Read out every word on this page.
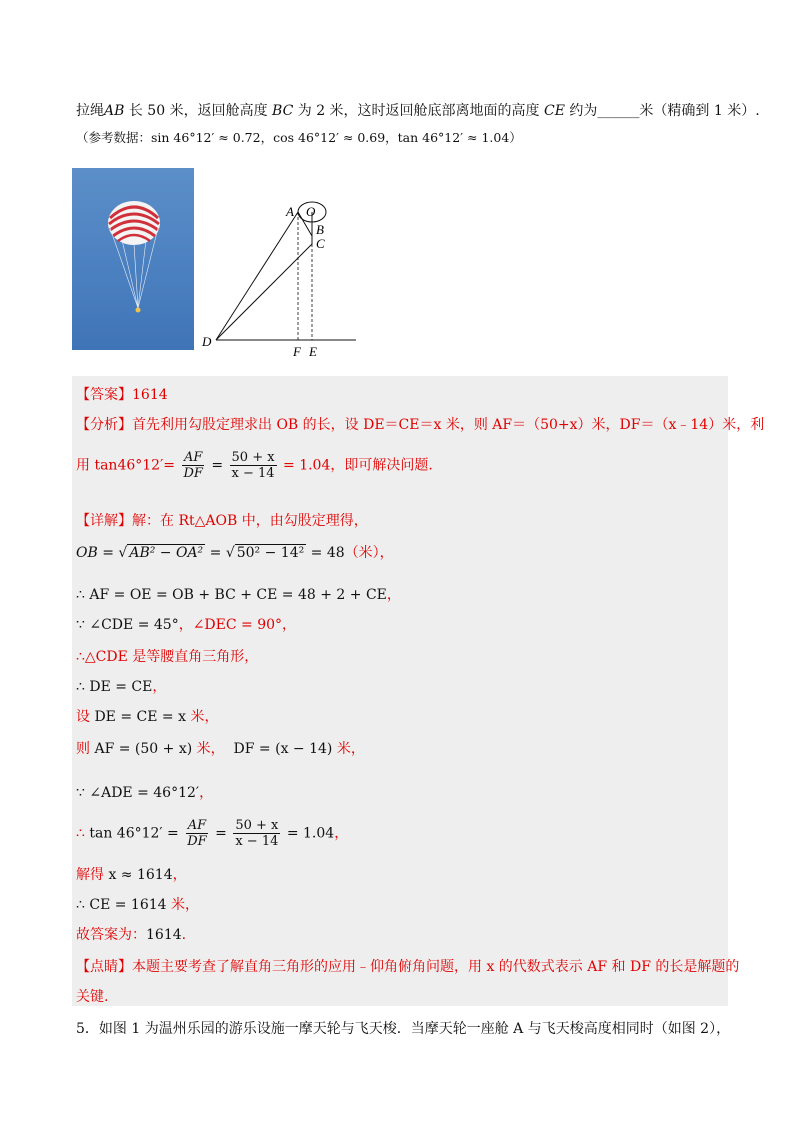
拉绳AB 长 50 米，返回舱高度 BC 为 2 米，这时返回舱底部离地面的高度 CE 约为______米（精确到 1 米）.
（参考数据：sin 46°12′ ≈ 0.72，cos 46°12′ ≈ 0.69，tan 46°12′ ≈ 1.04）
A O
B
C
D
F E
【答案】1614
【分析】首先利用勾股定理求出 OB 的长，设 DE＝CE＝x 米，则 AF＝（50+x）米，DF＝（x﹣14）米，利
用 $\tan 46^\circ 12'= \frac{AF}{DF} = \frac{50 + x}{x - 14} = 1.04$，即可解决问题.
【详解】解：在 Rt△AOB 中，由勾股定理得，
OB = √ AB² − OA² = √ 50² − 14² = 48（米），
∴ AF = OE = OB + BC + CE = 48 + 2 + CE，
∵ ∠CDE = 45°，∠DEC = 90°，
∴△CDE 是等腰直角三角形，
∴ DE = CE，
设 DE = CE = x 米，
则 AF = (50 + x) 米， DF = (x − 14) 米，
∵ ∠ADE = 46°12′，
∴ $\tan 46^\circ 12' = \frac{AF}{DF} = \frac{50 + x}{x - 14} = 1.04$，
解得 x ≈ 1614，
∴ CE = 1614 米，
故答案为：1614.
【点睛】本题主要考查了解直角三角形的应用﹣仰角俯角问题，用 x 的代数式表示 AF 和 DF 的长是解题的
关键.
5．如图 1 为温州乐园的游乐设施一摩天轮与飞天梭．当摩天轮一座舱 A 与飞天梭高度相同时（如图 2），
